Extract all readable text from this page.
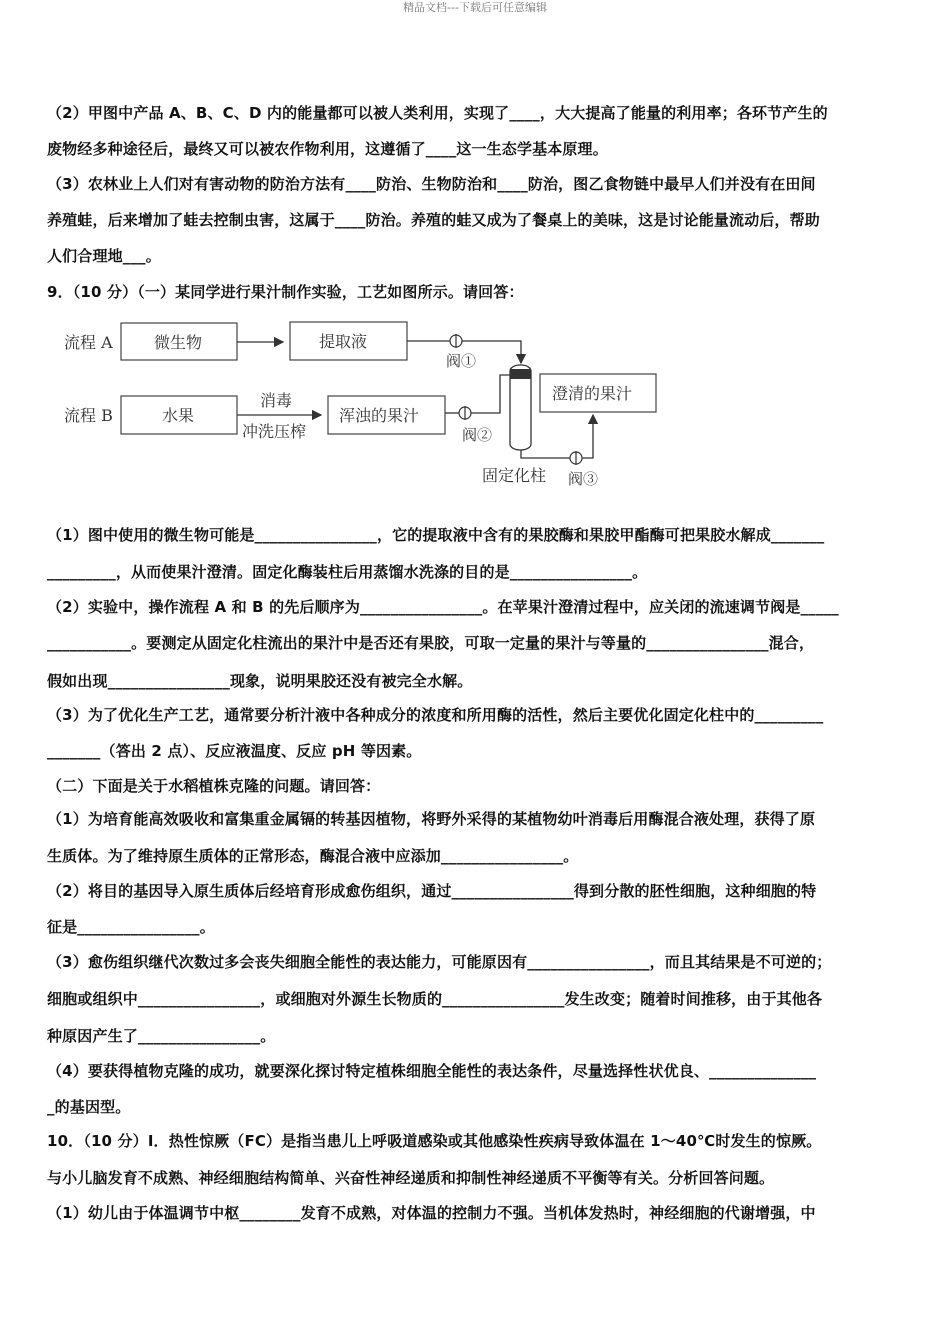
精品文档---下载后可任意编辑
（2）甲图中产品 A、B、C、D 内的能量都可以被人类利用，实现了____，大大提高了能量的利用率；各环节产生的
废物经多种途径后，最终又可以被农作物利用，这遵循了____这一生态学基本原理。
（3）农林业上人们对有害动物的防治方法有____防治、生物防治和____防治，图乙食物链中最早人们并没有在田间
养殖蛙，后来增加了蛙去控制虫害，这属于____防治。养殖的蛙又成为了餐桌上的美味，这是讨论能量流动后，帮助
人们合理地___。
9．（10 分）（一）某同学进行果汁制作实验，工艺如图所示。请回答：
流程 A	微生物	提取液
阀①
流程 B	水果
消毒
冲洗压榨
浑浊的果汁
阀②
固定化柱 阀③
澄清的果汁
（1）图中使用的微生物可能是________________，它的提取液中含有的果胶酶和果胶甲酯酶可把果胶水解成_______
_________，从而使果汁澄清。固定化酶装柱后用蒸馏水洗涤的目的是________________。
（2）实验中，操作流程 A 和 B 的先后顺序为________________。在苹果汁澄清过程中，应关闭的流速调节阀是_____
___________。要测定从固定化柱流出的果汁中是否还有果胶，可取一定量的果汁与等量的________________混合，
假如出现________________现象，说明果胶还没有被完全水解。
（3）为了优化生产工艺，通常要分析汁液中各种成分的浓度和所用酶的活性，然后主要优化固定化柱中的_________
_______（答出 2 点）、反应液温度、反应 pH 等因素。
（二）下面是关于水稻植株克隆的问题。请回答：
（1）为培育能高效吸收和富集重金属镉的转基因植物，将野外采得的某植物幼叶消毒后用酶混合液处理，获得了原
生质体。为了维持原生质体的正常形态，酶混合液中应添加________________。
（2）将目的基因导入原生质体后经培育形成愈伤组织，通过________________得到分散的胚性细胞，这种细胞的特
征是________________。
（3）愈伤组织继代次数过多会丧失细胞全能性的表达能力，可能原因有________________，而且其结果是不可逆的；
细胞或组织中________________，或细胞对外源生长物质的________________发生改变；随着时间推移，由于其他各
种原因产生了________________。
（4）要获得植物克隆的成功，就要深化探讨特定植株细胞全能性的表达条件，尽量选择性状优良、______________
_的基因型。
10．（10 分）Ⅰ．热性惊厥（FC）是指当患儿上呼吸道感染或其他感染性疾病导致体温在 1～40℃时发生的惊厥。
与小儿脑发育不成熟、神经细胞结构简单、兴奋性神经递质和抑制性神经递质不平衡等有关。分析回答问题。
（1）幼儿由于体温调节中枢________发育不成熟，对体温的控制力不强。当机体发热时，神经细胞的代谢增强，中
